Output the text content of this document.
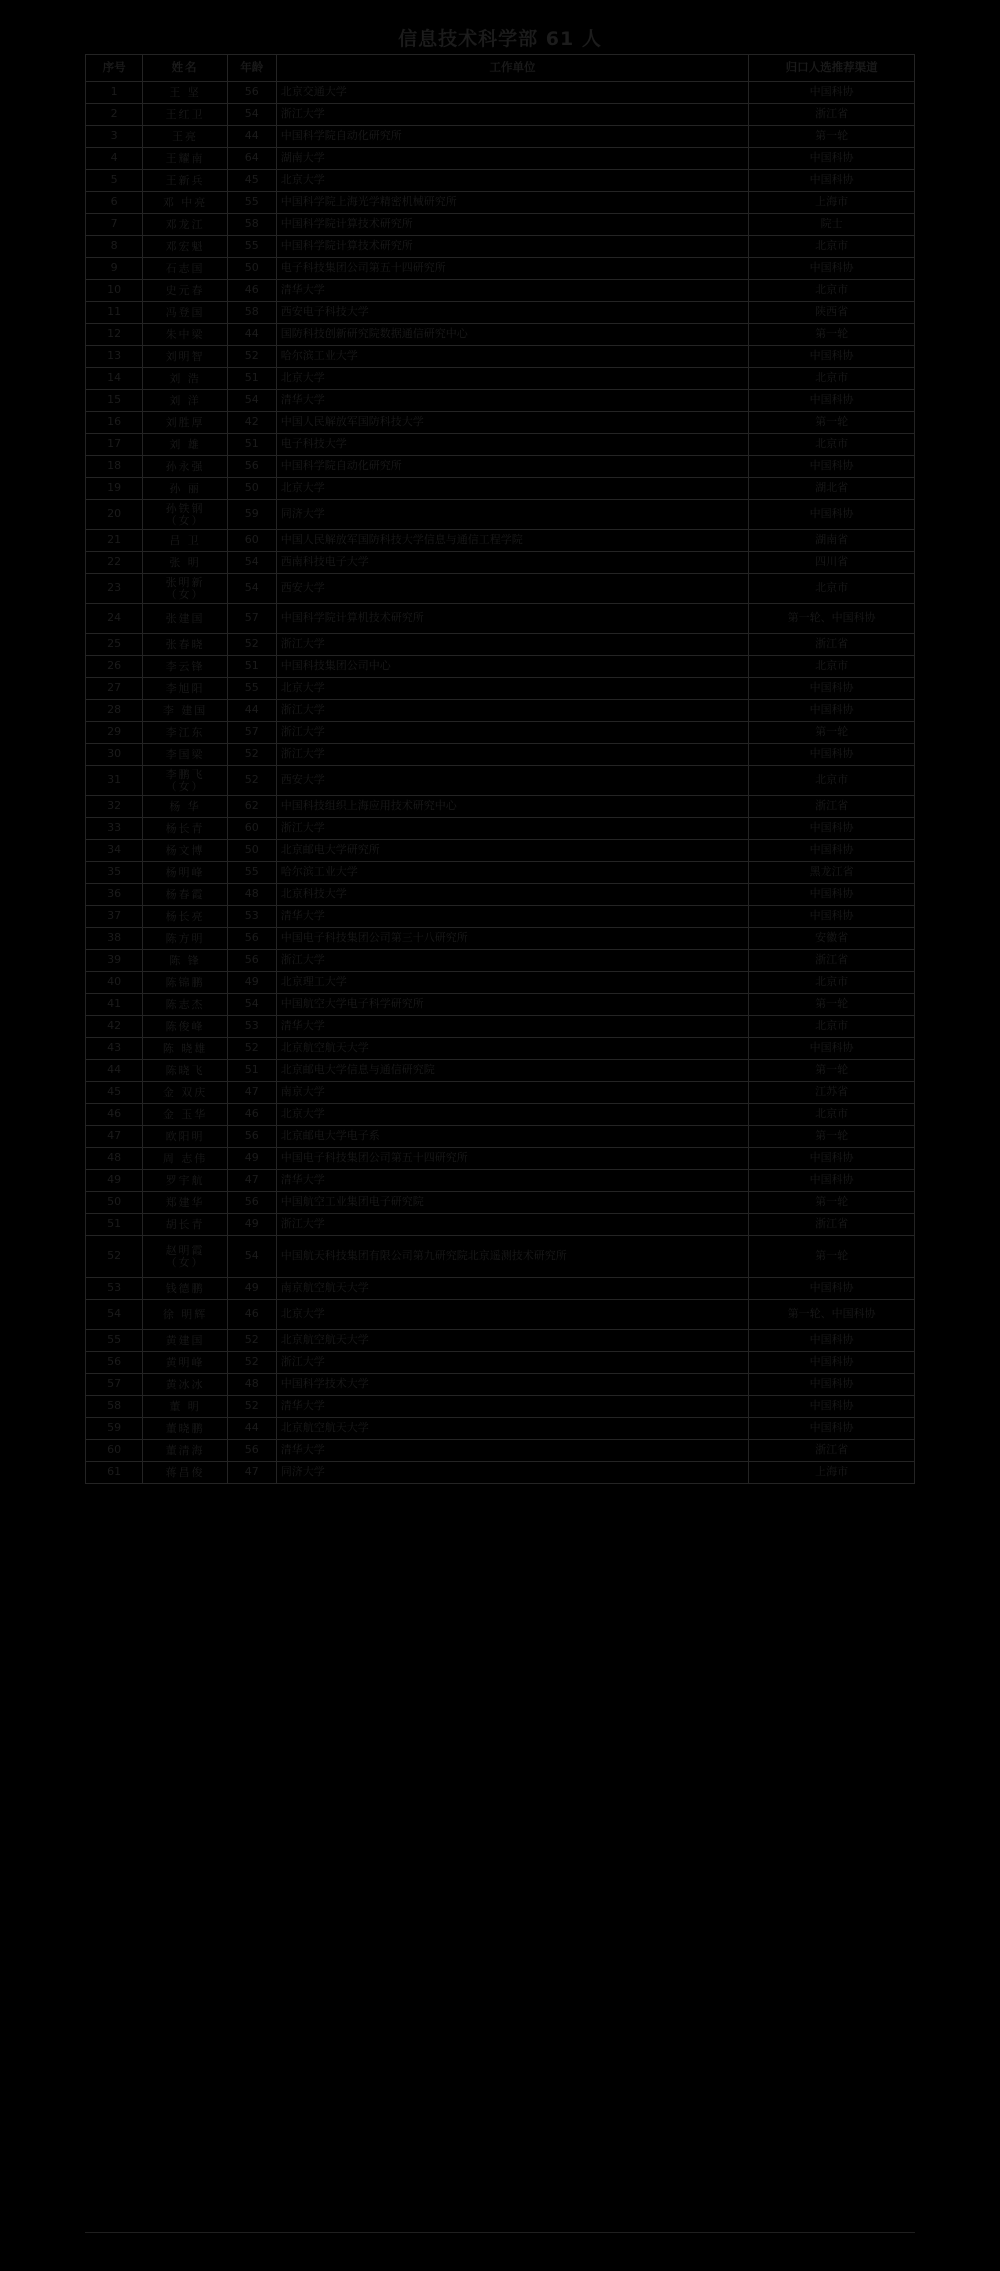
信息技术科学部 61 人
序号	姓名	年龄	工作单位	归口人选推荐渠道
1	王 坚	56	北京交通大学	中国科协
2	王红卫	54	浙江大学	浙江省
3	王亮	44	中国科学院自动化研究所	第一轮
4	王耀南	64	湖南大学	中国科协
5	王新兵	45	北京大学	中国科协
6	邓 中亮	55	中国科学院上海光学精密机械研究所	上海市
7	邓龙江	58	中国科学院计算技术研究所	院士
8	邓宏魁	55	中国科学院计算技术研究所	北京市
9	石志国	50	电子科技集团公司第五十四研究所	中国科协
10	史元春	46	清华大学	北京市
11	冯登国	58	西安电子科技大学	陕西省
12	朱中梁	44	国防科技创新研究院数据通信研究中心	第一轮
13	刘明智	52	哈尔滨工业大学	中国科协
14	刘 浩	51	北京大学	北京市
15	刘 洋	54	清华大学	中国科协
16	刘胜厚	42	中国人民解放军国防科技大学	第一轮
17	刘 雄	51	电子科技大学	北京市
18	孙永强	56	中国科学院自动化研究所	中国科协
19	孙 丽	50	北京大学	湖北省
20	孙铁钢
（女）	59	同济大学	中国科协
21	吕 卫	60	中国人民解放军国防科技大学信息与通信工程学院	湖南省
22	张 明	54	西南科技电子大学	四川省
23	张明新
（女）	54	西安大学	北京市
24	张建国	57	中国科学院计算机技术研究所	第一轮、中国科协
25	张春晓	52	浙江大学	浙江省
26	李云锋	51	中国科技集团公司中心	北京市
27	李旭阳	55	北京大学	中国科协
28	李 建国	44	浙江大学	中国科协
29	李江东	57	浙江大学	第一轮
30	李国梁	52	浙江大学	中国科协
31	李鹏飞
（女）	52	西安大学	北京市
32	杨 华	62	中国科技组织上海应用技术研究中心	浙江省
33	杨长青	60	浙江大学	中国科协
34	杨文博	50	北京邮电大学研究所	中国科协
35	杨明峰	55	哈尔滨工业大学	黑龙江省
36	杨春霞	48	北京科技大学	中国科协
37	杨长亮	53	清华大学	中国科协
38	陈方明	56	中国电子科技集团公司第三十八研究所	安徽省
39	陈 锋	56	浙江大学	浙江省
40	陈锦鹏	49	北京理工大学	北京市
41	陈志杰	54	中国航空大学电子科学研究所	第一轮
42	陈俊峰	53	清华大学	北京市
43	陈 晓雄	52	北京航空航天大学	中国科协
44	陈晓飞	51	北京邮电大学信息与通信研究院	第一轮
45	金 双庆	47	南京大学	江苏省
46	金 玉华	46	北京大学	北京市
47	欧阳明	56	北京邮电大学电子系	第一轮
48	周 志伟	49	中国电子科技集团公司第五十四研究所	中国科协
49	罗宇航	47	清华大学	中国科协
50	郑建华	56	中国航空工业集团电子研究院	第一轮
51	胡长青	49	浙江大学	浙江省
52	赵明霞
（女）	54	中国航天科技集团有限公司第九研究院北京遥测技术研究所	第一轮
53	钱德鹏	49	南京航空航天大学	中国科协
54	徐 明辉	46	北京大学	第一轮、中国科协
55	黄建国	52	北京航空航天大学	中国科协
56	黄明峰	52	浙江大学	中国科协
57	黄冰冰	48	中国科学技术大学	中国科协
58	董 明	52	清华大学	中国科协
59	董晓鹏	44	北京航空航天大学	中国科协
60	董清海	56	清华大学	浙江省
61	蒋昌俊	47	同济大学	上海市
